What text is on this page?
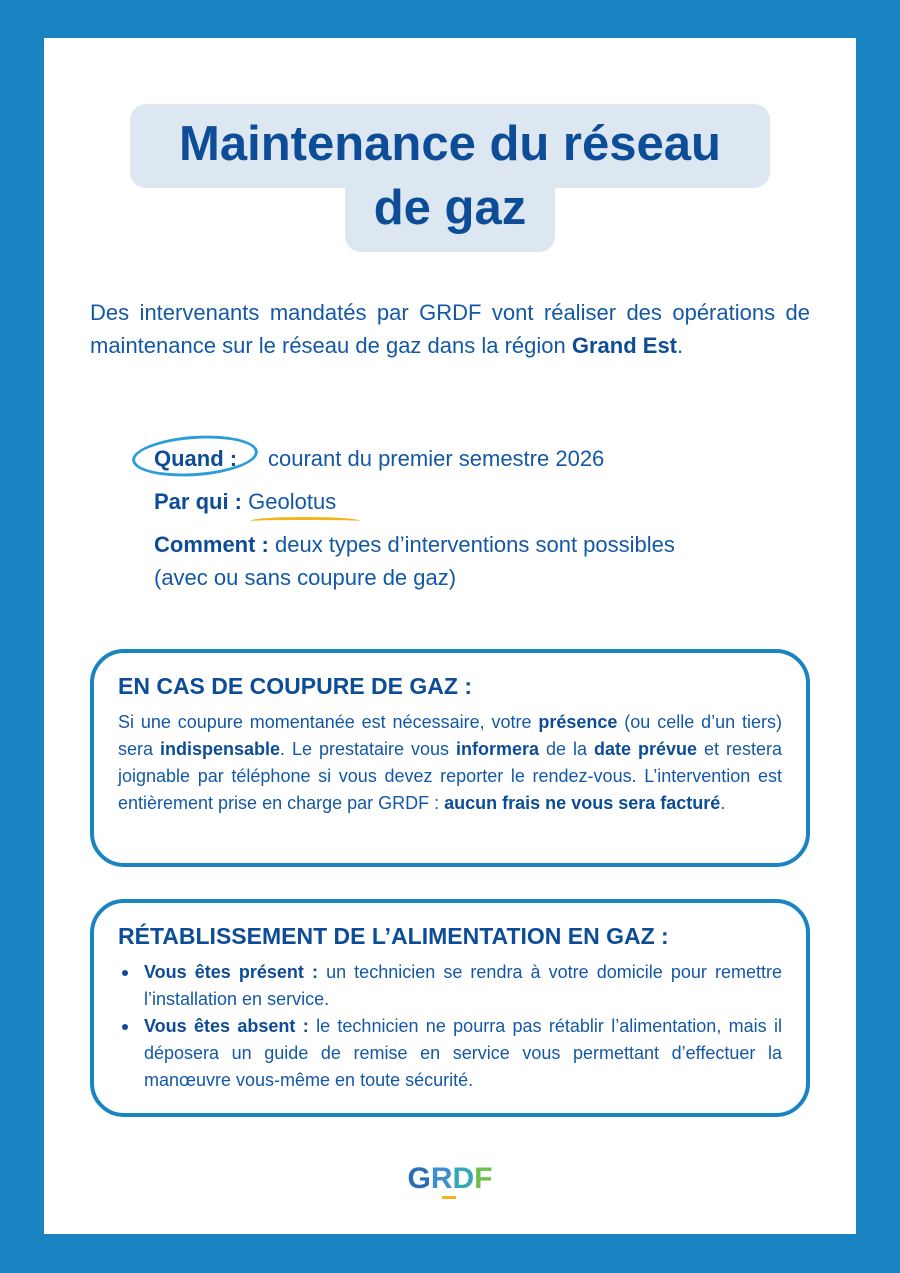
Maintenance du réseau
de gaz

Des intervenants mandatés par GRDF vont réaliser des opérations de maintenance sur le réseau de gaz dans la région Grand Est.

Quand : courant du premier semestre 2026
Par qui : Geolotus
Comment : deux types d’interventions sont possibles (avec ou sans coupure de gaz)
EN CAS DE COUPURE DE GAZ :

Si une coupure momentanée est nécessaire, votre présence (ou celle d’un tiers) sera indispensable. Le prestataire vous informera de la date prévue et restera joignable par téléphone si vous devez reporter le rendez-vous. L’intervention est entièrement prise en charge par GRDF : aucun frais ne vous sera facturé.

RÉTABLISSEMENT DE L’ALIMENTATION EN GAZ :
Vous êtes présent : un technicien se rendra à votre domicile pour remettre l’installation en service.
Vous êtes absent : le technicien ne pourra pas rétablir l’alimentation, mais il déposera un guide de remise en service vous permettant d’effectuer la manœuvre vous-même en toute sécurité.
GRDF
